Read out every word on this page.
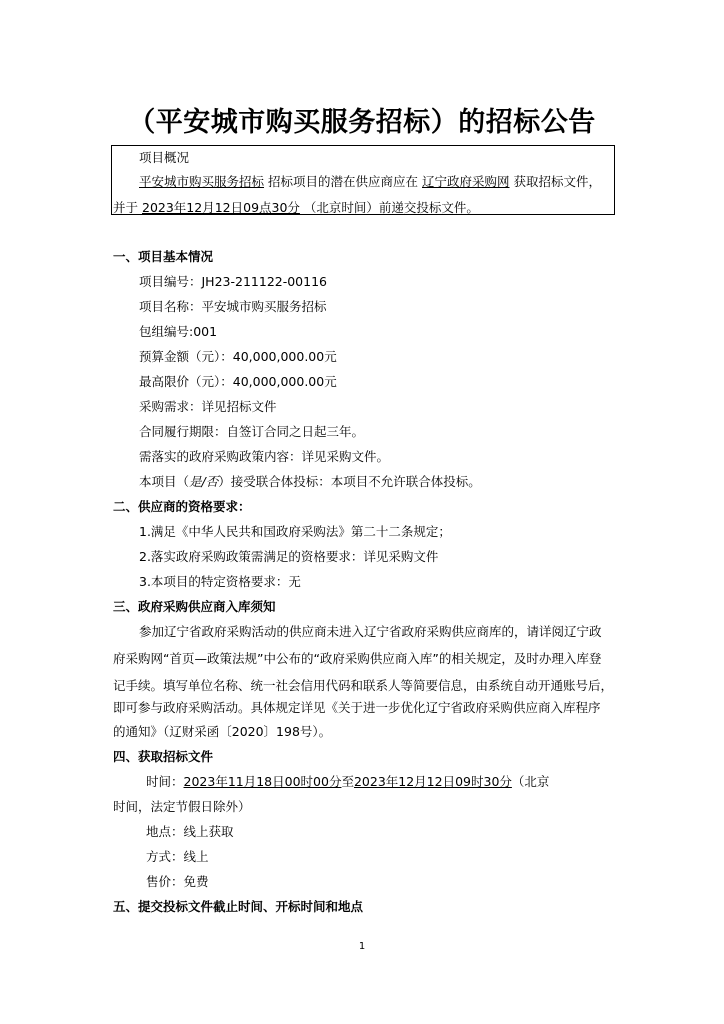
（平安城市购买服务招标）的招标公告
项目概况
平安城市购买服务招标 招标项目的潜在供应商应在 辽宁政府采购网 获取招标文件，
并于 2023年12月12日09点30分 （北京时间）前递交投标文件。
一、项目基本情况
项目编号：JH23-211122-00116
项目名称：平安城市购买服务招标
包组编号:001
预算金额（元）：40,000,000.00元
最高限价（元）：40,000,000.00元
采购需求：详见招标文件
合同履行期限：自签订合同之日起三年。
需落实的政府采购政策内容：详见采购文件。
本项目（是/否）接受联合体投标：本项目不允许联合体投标。
二、供应商的资格要求：
1.满足《中华人民共和国政府采购法》第二十二条规定；
2.落实政府采购政策需满足的资格要求：详见采购文件
3.本项目的特定资格要求：无
三、政府采购供应商入库须知
参加辽宁省政府采购活动的供应商未进入辽宁省政府采购供应商库的，请详阅辽宁政
府采购网“首页—政策法规”中公布的“政府采购供应商入库”的相关规定，及时办理入库登
记手续。填写单位名称、统一社会信用代码和联系人等简要信息，由系统自动开通账号后，
即可参与政府采购活动。具体规定详见《关于进一步优化辽宁省政府采购供应商入库程序
的通知》（辽财采函〔2020〕198号）。
四、获取招标文件
时间：2023年11月18日00时00分至2023年12月12日09时30分（北京
时间，法定节假日除外）
地点：线上获取
方式：线上
售价：免费
五、提交投标文件截止时间、开标时间和地点
1
